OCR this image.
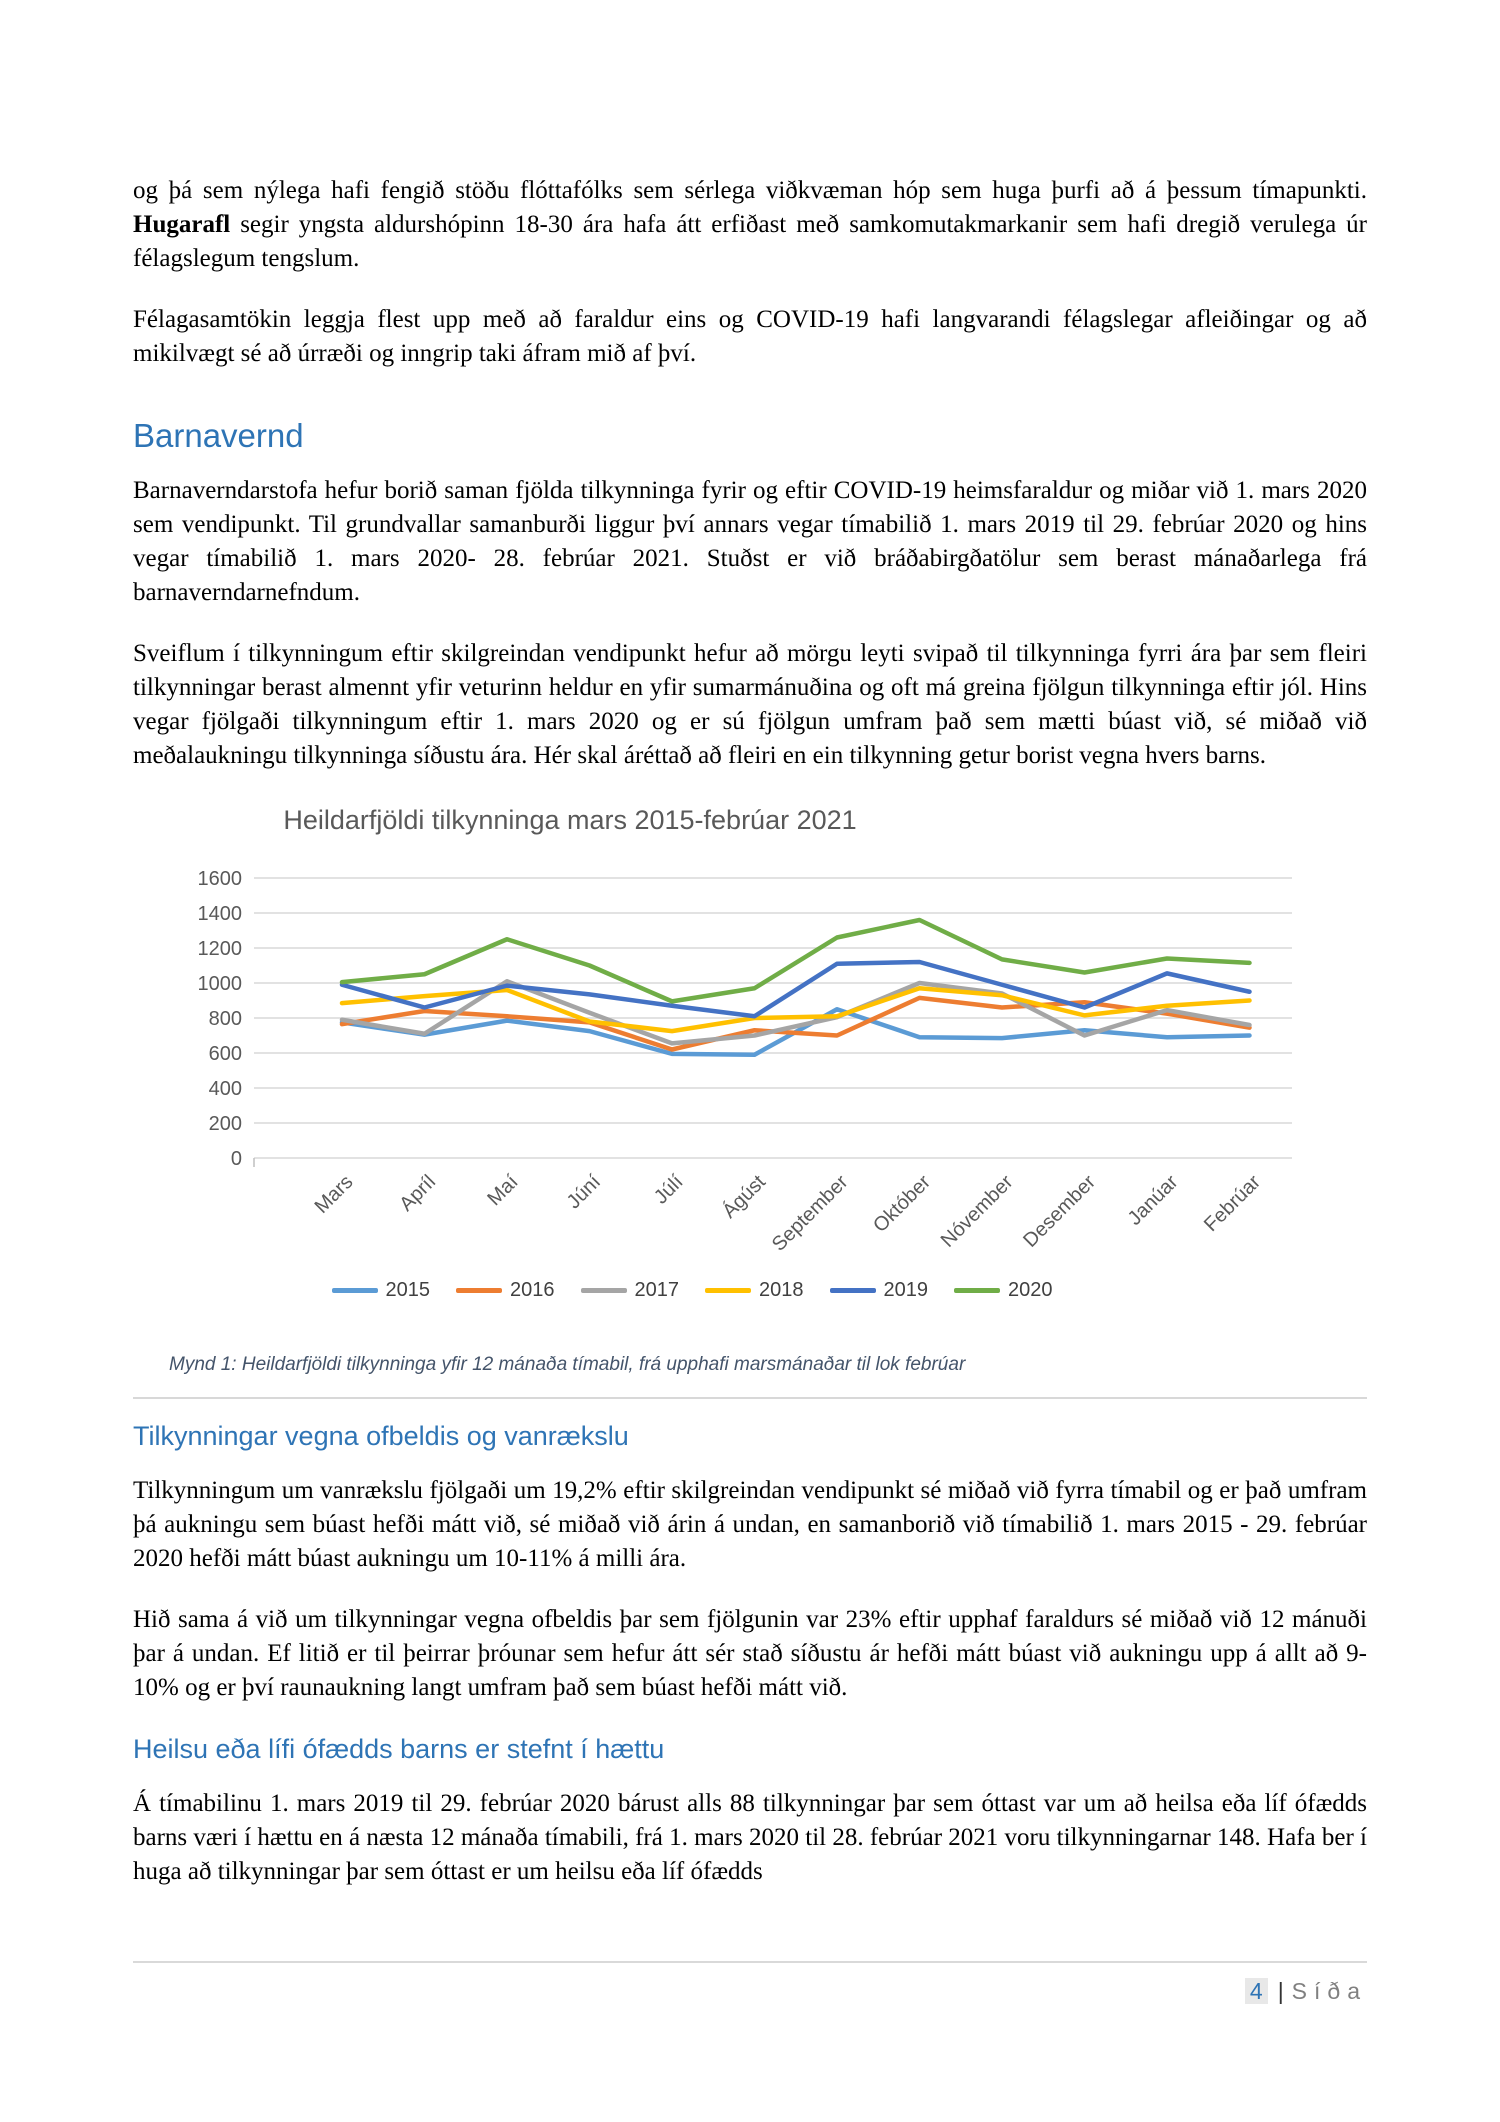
og þá sem nýlega hafi fengið stöðu flóttafólks sem sérlega viðkvæman hóp sem huga þurfi að á þessum tímapunkti. Hugarafl segir yngsta aldurshópinn 18-30 ára hafa átt erfiðast með samkomutakmarkanir sem hafi dregið verulega úr félagslegum tengslum.

Félagasamtökin leggja flest upp með að faraldur eins og COVID-19 hafi langvarandi félagslegar afleiðingar og að mikilvægt sé að úrræði og inngrip taki áfram mið af því.

Barnavernd

Barnaverndarstofa hefur borið saman fjölda tilkynninga fyrir og eftir COVID-19 heimsfaraldur og miðar við 1. mars 2020 sem vendipunkt. Til grundvallar samanburði liggur því annars vegar tímabilið 1. mars 2019 til 29. febrúar 2020 og hins vegar tímabilið 1. mars 2020- 28. febrúar 2021. Stuðst er við bráðabirgðatölur sem berast mánaðarlega frá barnaverndarnefndum.

Sveiflum í tilkynningum eftir skilgreindan vendipunkt hefur að mörgu leyti svipað til tilkynninga fyrri ára þar sem fleiri tilkynningar berast almennt yfir veturinn heldur en yfir sumarmánuðina og oft má greina fjölgun tilkynninga eftir jól. Hins vegar fjölgaði tilkynningum eftir 1. mars 2020 og er sú fjölgun umfram það sem mætti búast við, sé miðað við meðalaukningu tilkynninga síðustu ára. Hér skal áréttað að fleiri en ein tilkynning getur borist vegna hvers barns.

Heildarfjöldi tilkynninga mars 2015-febrúar 2021
0
200
400
600
800
1000
1200
1400
1600
Mars Apríl Maí Júní Júlí Ágúst
September Október Nóvember Desember Janúar Febrúar
2015	2016	2017	2018	2019	2020

Mynd 1: Heildarfjöldi tilkynninga yfir 12 mánaða tímabil, frá upphafi marsmánaðar til lok febrúar

Tilkynningar vegna ofbeldis og vanrækslu

Tilkynningum um vanrækslu fjölgaði um 19,2% eftir skilgreindan vendipunkt sé miðað við fyrra tímabil og er það umfram þá aukningu sem búast hefði mátt við, sé miðað við árin á undan, en samanborið við tímabilið 1. mars 2015 - 29. febrúar 2020 hefði mátt búast aukningu um 10-11% á milli ára.

Hið sama á við um tilkynningar vegna ofbeldis þar sem fjölgunin var 23% eftir upphaf faraldurs sé miðað við 12 mánuði þar á undan. Ef litið er til þeirrar þróunar sem hefur átt sér stað síðustu ár hefði mátt búast við aukningu upp á allt að 9-10% og er því raunaukning langt umfram það sem búast hefði mátt við.

Heilsu eða lífi ófædds barns er stefnt í hættu

Á tímabilinu 1. mars 2019 til 29. febrúar 2020 bárust alls 88 tilkynningar þar sem óttast var um að heilsa eða líf ófædds barns væri í hættu en á næsta 12 mánaða tímabili, frá 1. mars 2020 til 28. febrúar 2021 voru tilkynningarnar 148. Hafa ber í huga að tilkynningar þar sem óttast er um heilsu eða líf ófædds

4 | Síða
